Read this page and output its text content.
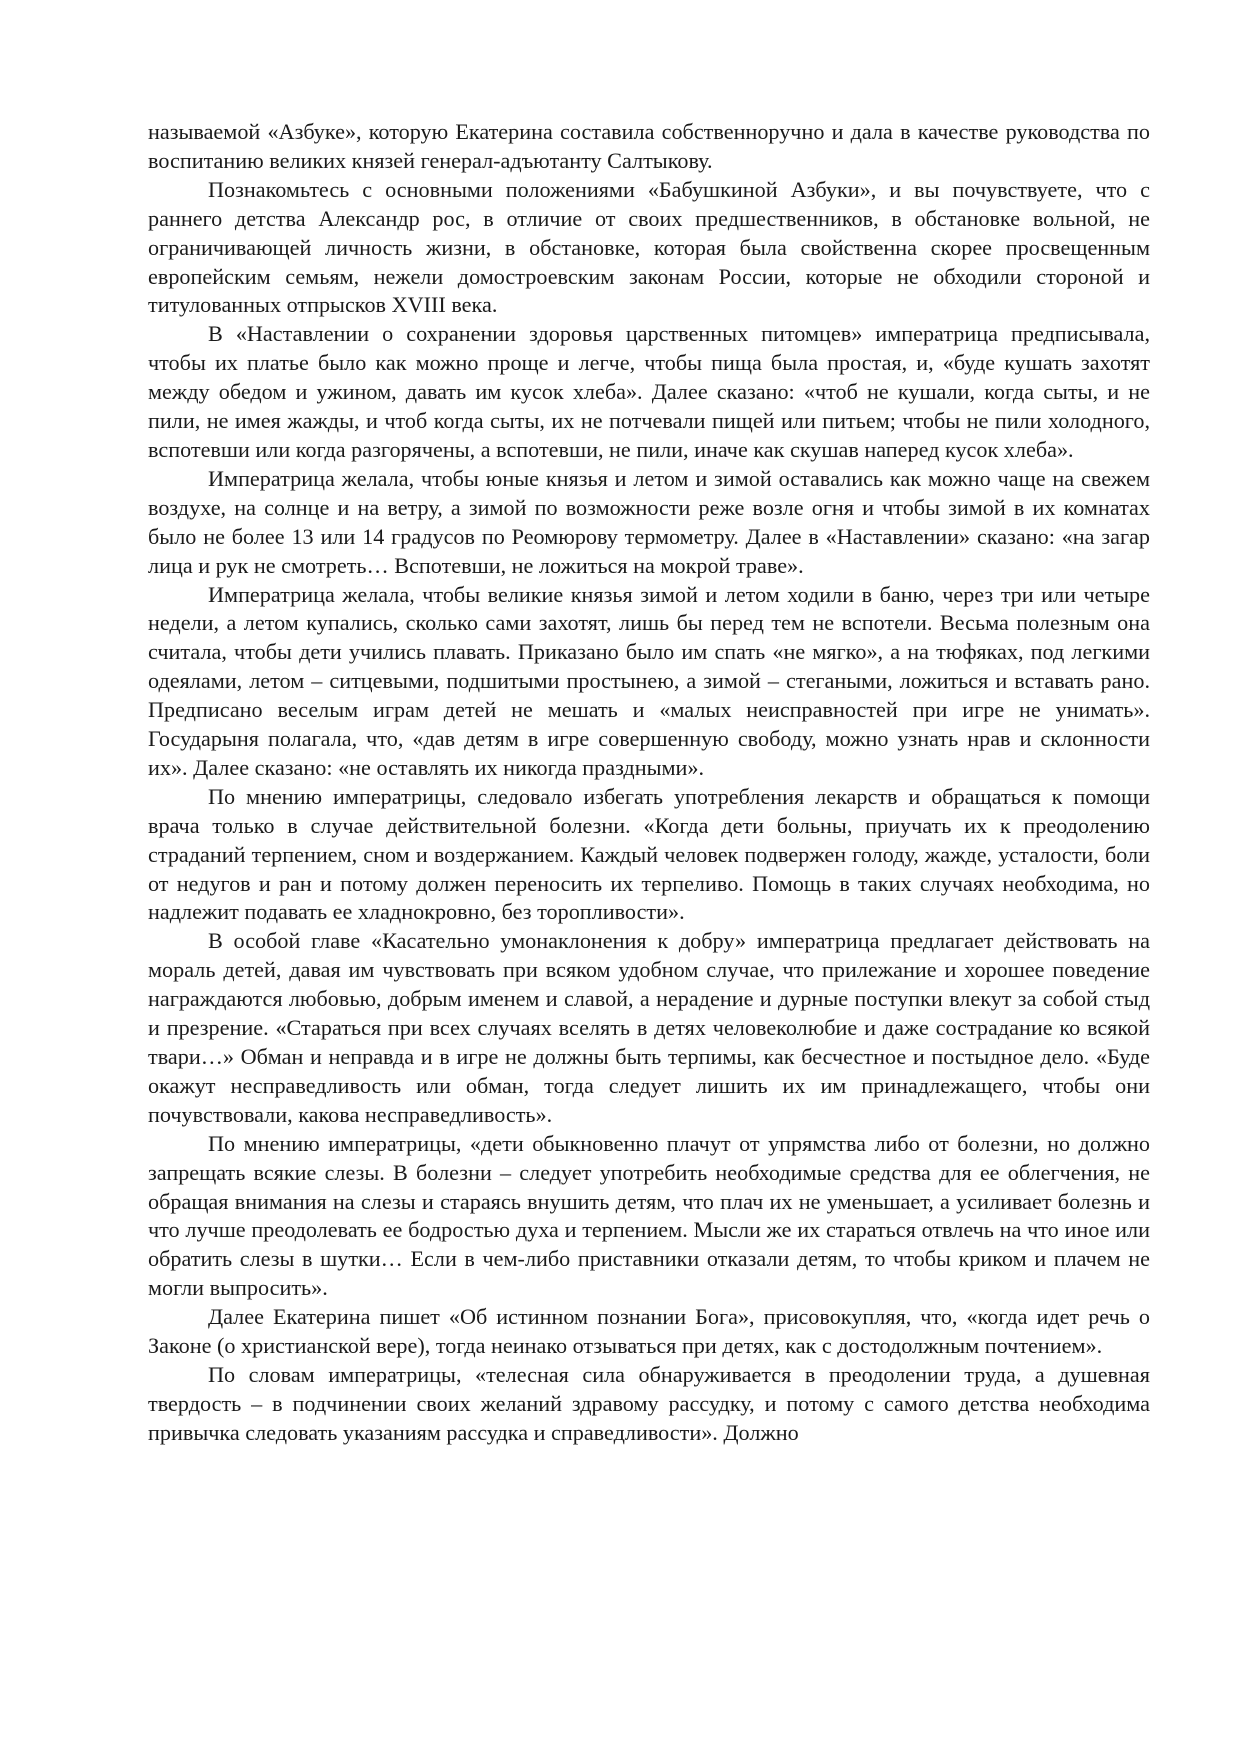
называемой «Азбуке», которую Екатерина составила собственноручно и дала в качестве руководства по воспитанию великих князей генерал-адъютанту Салтыкову.

Познакомьтесь с основными положениями «Бабушкиной Азбуки», и вы почувствуете, что с раннего детства Александр рос, в отличие от своих предшественников, в обстановке вольной, не ограничивающей личность жизни, в обстановке, которая была свойственна скорее просвещенным европейским семьям, нежели домостроевским законам России, которые не обходили стороной и титулованных отпрысков XVIII века.

В «Наставлении о сохранении здоровья царственных питомцев» императрица предписывала, чтобы их платье было как можно проще и легче, чтобы пища была простая, и, «буде кушать захотят между обедом и ужином, давать им кусок хлеба». Далее сказано: «чтоб не кушали, когда сыты, и не пили, не имея жажды, и чтоб когда сыты, их не потчевали пищей или питьем; чтобы не пили холодного, вспотевши или когда разгорячены, а вспотевши, не пили, иначе как скушав наперед кусок хлеба».

Императрица желала, чтобы юные князья и летом и зимой оставались как можно чаще на свежем воздухе, на солнце и на ветру, а зимой по возможности реже возле огня и чтобы зимой в их комнатах было не более 13 или 14 градусов по Реомюрову термометру. Далее в «Наставлении» сказано: «на загар лица и рук не смотреть… Вспотевши, не ложиться на мокрой траве».

Императрица желала, чтобы великие князья зимой и летом ходили в баню, через три или четыре недели, а летом купались, сколько сами захотят, лишь бы перед тем не вспотели. Весьма полезным она считала, чтобы дети учились плавать. Приказано было им спать «не мягко», а на тюфяках, под легкими одеялами, летом – ситцевыми, подшитыми простынею, а зимой – стегаными, ложиться и вставать рано. Предписано веселым играм детей не мешать и «малых неисправностей при игре не унимать». Государыня полагала, что, «дав детям в игре совершенную свободу, можно узнать нрав и склонности их». Далее сказано: «не оставлять их никогда праздными».

По мнению императрицы, следовало избегать употребления лекарств и обращаться к помощи врача только в случае действительной болезни. «Когда дети больны, приучать их к преодолению страданий терпением, сном и воздержанием. Каждый человек подвержен голоду, жажде, усталости, боли от недугов и ран и потому должен переносить их терпеливо. Помощь в таких случаях необходима, но надлежит подавать ее хладнокровно, без торопливости».

В особой главе «Касательно умонаклонения к добру» императрица предлагает действовать на мораль детей, давая им чувствовать при всяком удобном случае, что прилежание и хорошее поведение награждаются любовью, добрым именем и славой, а нерадение и дурные поступки влекут за собой стыд и презрение. «Стараться при всех случаях вселять в детях человеколюбие и даже сострадание ко всякой твари…» Обман и неправда и в игре не должны быть терпимы, как бесчестное и постыдное дело. «Буде окажут несправедливость или обман, тогда следует лишить их им принадлежащего, чтобы они почувствовали, какова несправедливость».

По мнению императрицы, «дети обыкновенно плачут от упрямства либо от болезни, но должно запрещать всякие слезы. В болезни – следует употребить необходимые средства для ее облегчения, не обращая внимания на слезы и стараясь внушить детям, что плач их не уменьшает, а усиливает болезнь и что лучше преодолевать ее бодростью духа и терпением. Мысли же их стараться отвлечь на что иное или обратить слезы в шутки… Если в чем-либо приставники отказали детям, то чтобы криком и плачем не могли выпросить».

Далее Екатерина пишет «Об истинном познании Бога», присовокупляя, что, «когда идет речь о Законе (о христианской вере), тогда неинако отзываться при детях, как с достодолжным почтением».

По словам императрицы, «телесная сила обнаруживается в преодолении труда, а душевная твердость – в подчинении своих желаний здравому рассудку, и потому с самого детства необходима привычка следовать указаниям рассудка и справедливости». Должно
